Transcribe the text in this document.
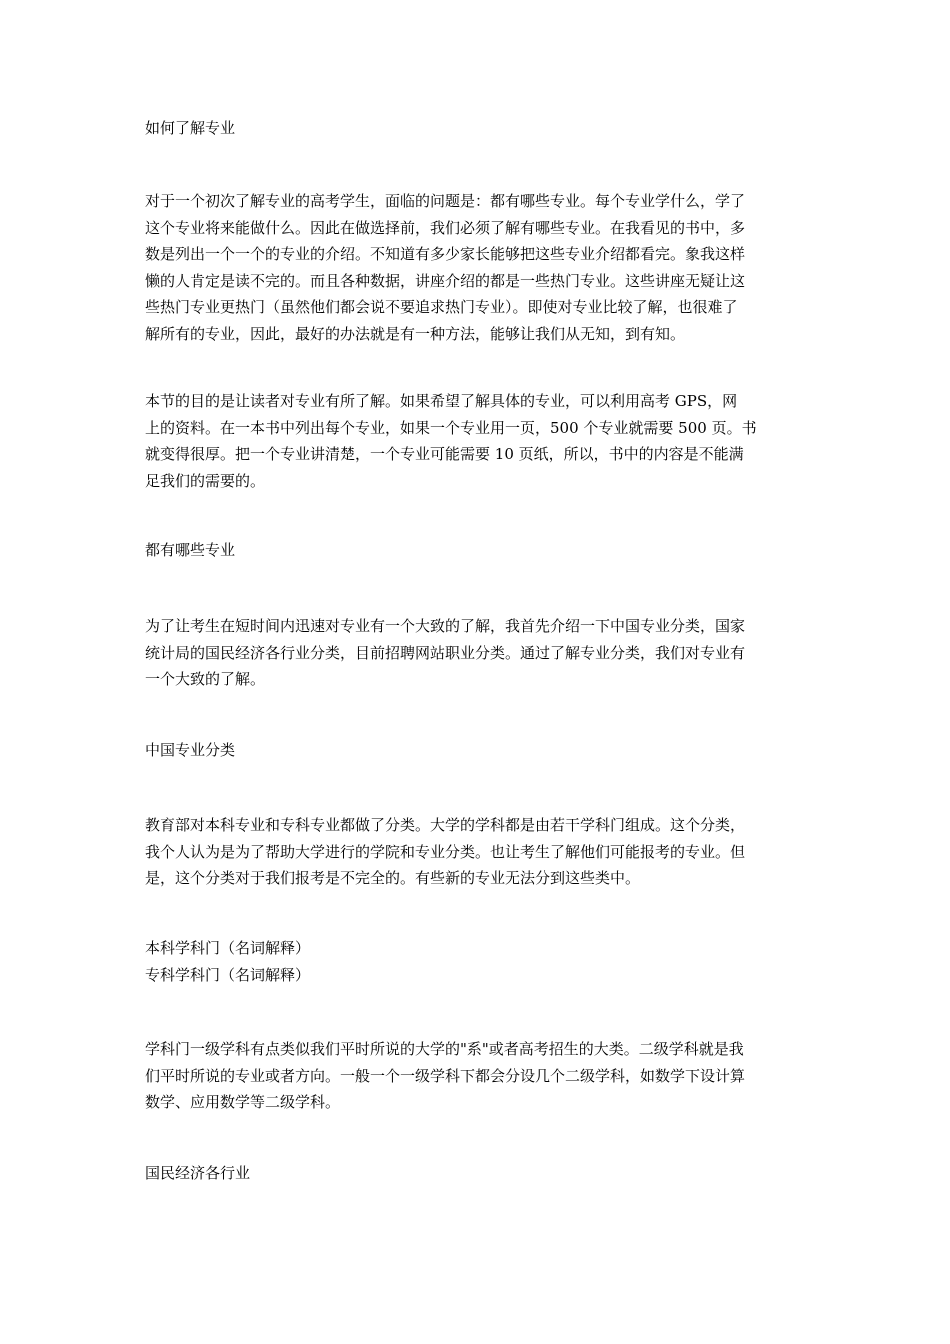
如何了解专业

对于一个初次了解专业的高考学生，面临的问题是：都有哪些专业。每个专业学什么，学了
这个专业将来能做什么。因此在做选择前，我们必须了解有哪些专业。在我看见的书中，多
数是列出一个一个的专业的介绍。不知道有多少家长能够把这些专业介绍都看完。象我这样
懒的人肯定是读不完的。而且各种数据，讲座介绍的都是一些热门专业。这些讲座无疑让这
些热门专业更热门（虽然他们都会说不要追求热门专业）。即使对专业比较了解，也很难了
解所有的专业，因此，最好的办法就是有一种方法，能够让我们从无知，到有知。
本节的目的是让读者对专业有所了解。如果希望了解具体的专业，可以利用高考 GPS，网
上的资料。在一本书中列出每个专业，如果一个专业用一页，500 个专业就需要 500 页。书
就变得很厚。把一个专业讲清楚，一个专业可能需要 10 页纸，所以，书中的内容是不能满
足我们的需要的。

都有哪些专业

为了让考生在短时间内迅速对专业有一个大致的了解，我首先介绍一下中国专业分类，国家
统计局的国民经济各行业分类，目前招聘网站职业分类。通过了解专业分类，我们对专业有
一个大致的了解。

中国专业分类

教育部对本科专业和专科专业都做了分类。大学的学科都是由若干学科门组成。这个分类，
我个人认为是为了帮助大学进行的学院和专业分类。也让考生了解他们可能报考的专业。但
是，这个分类对于我们报考是不完全的。有些新的专业无法分到这些类中。
本科学科门（名词解释）
专科学科门（名词解释）
学科门一级学科有点类似我们平时所说的大学的"系"或者高考招生的大类。二级学科就是我
们平时所说的专业或者方向。一般一个一级学科下都会分设几个二级学科，如数学下设计算
数学、应用数学等二级学科。

国民经济各行业
